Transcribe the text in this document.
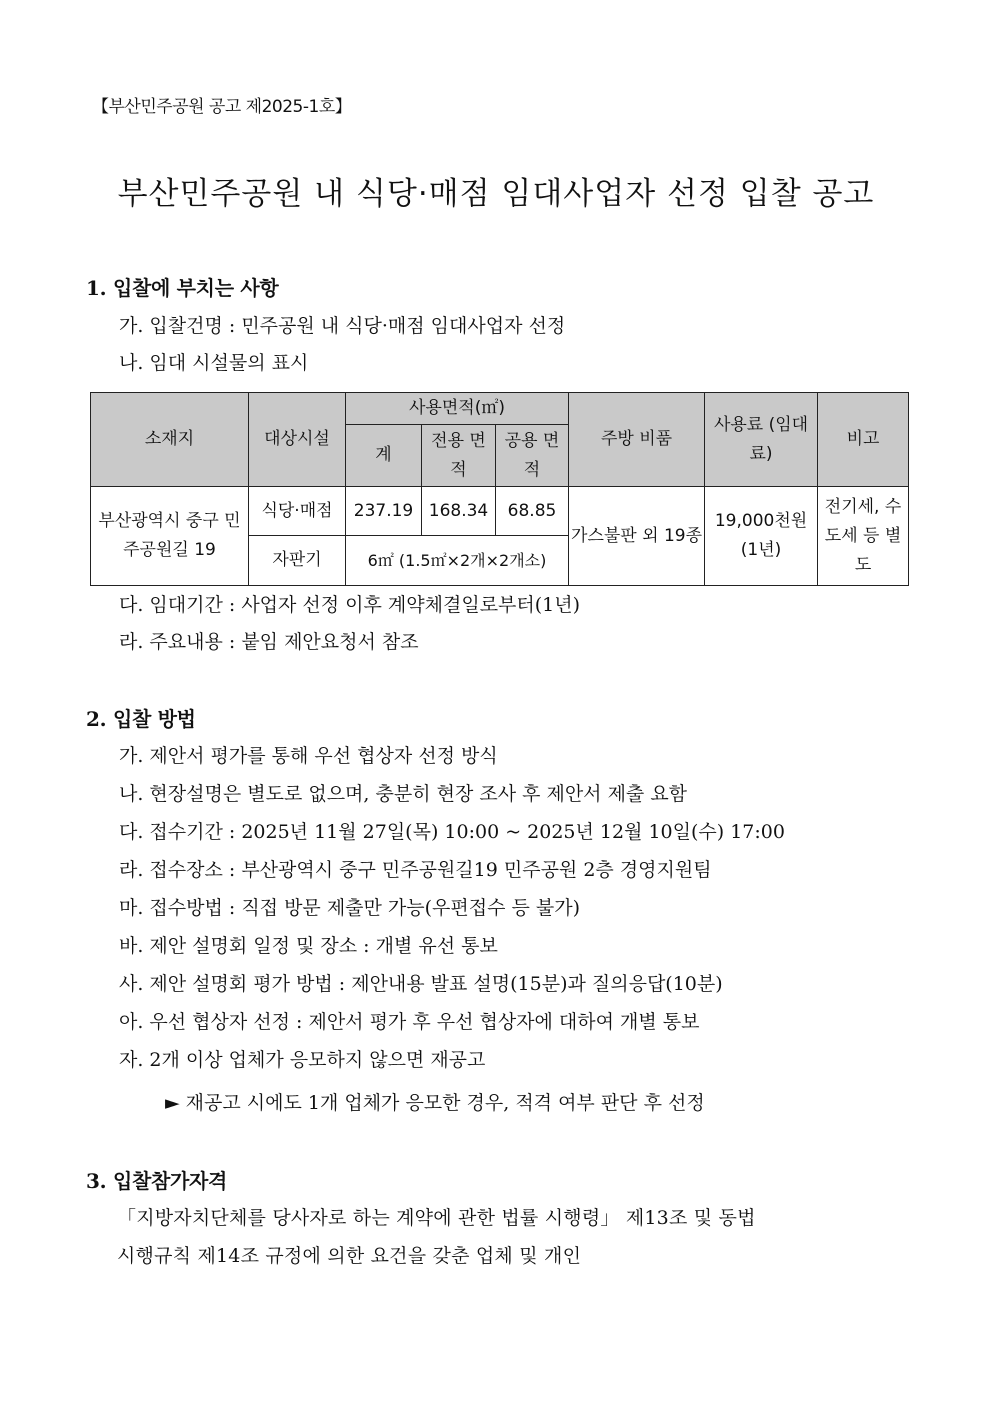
【부산민주공원 공고 제2025-1호】
부산민주공원 내 식당·매점 임대사업자 선정 입찰 공고
1. 입찰에 부치는 사항
가. 입찰건명 : 민주공원 내 식당·매점 임대사업자 선정
나. 임대 시설물의 표시
소재지	대상시설	사용면적(㎡)			주방 비품	사용료 (임대료)	비고
		계	전용 면적	공용 면적			
부산광역시 중구 민주공원길 19	식당·매점	237.19	168.34	68.85	가스불판 외 19종	19,000천원 (1년)	전기세, 수도세 등 별도
	자판기	6㎡ (1.5㎡×2개×2개소)					
다. 임대기간 : 사업자 선정 이후 계약체결일로부터(1년)
라. 주요내용 : 붙임 제안요청서 참조
2. 입찰 방법
가. 제안서 평가를 통해 우선 협상자 선정 방식
나. 현장설명은 별도로 없으며, 충분히 현장 조사 후 제안서 제출 요함
다. 접수기간 : 2025년 11월 27일(목) 10:00 ~ 2025년 12월 10일(수) 17:00
라. 접수장소 : 부산광역시 중구 민주공원길19 민주공원 2층 경영지원팀
마. 접수방법 : 직접 방문 제출만 가능(우편접수 등 불가)
바. 제안 설명회 일정 및 장소 : 개별 유선 통보
사. 제안 설명회 평가 방법 : 제안내용 발표 설명(15분)과 질의응답(10분)
아. 우선 협상자 선정 : 제안서 평가 후 우선 협상자에 대하여 개별 통보
자. 2개 이상 업체가 응모하지 않으면 재공고
► 재공고 시에도 1개 업체가 응모한 경우, 적격 여부 판단 후 선정
3. 입찰참가자격
「지방자치단체를 당사자로 하는 계약에 관한 법률 시행령」 제13조 및 동법
시행규칙 제14조 규정에 의한 요건을 갖춘 업체 및 개인
